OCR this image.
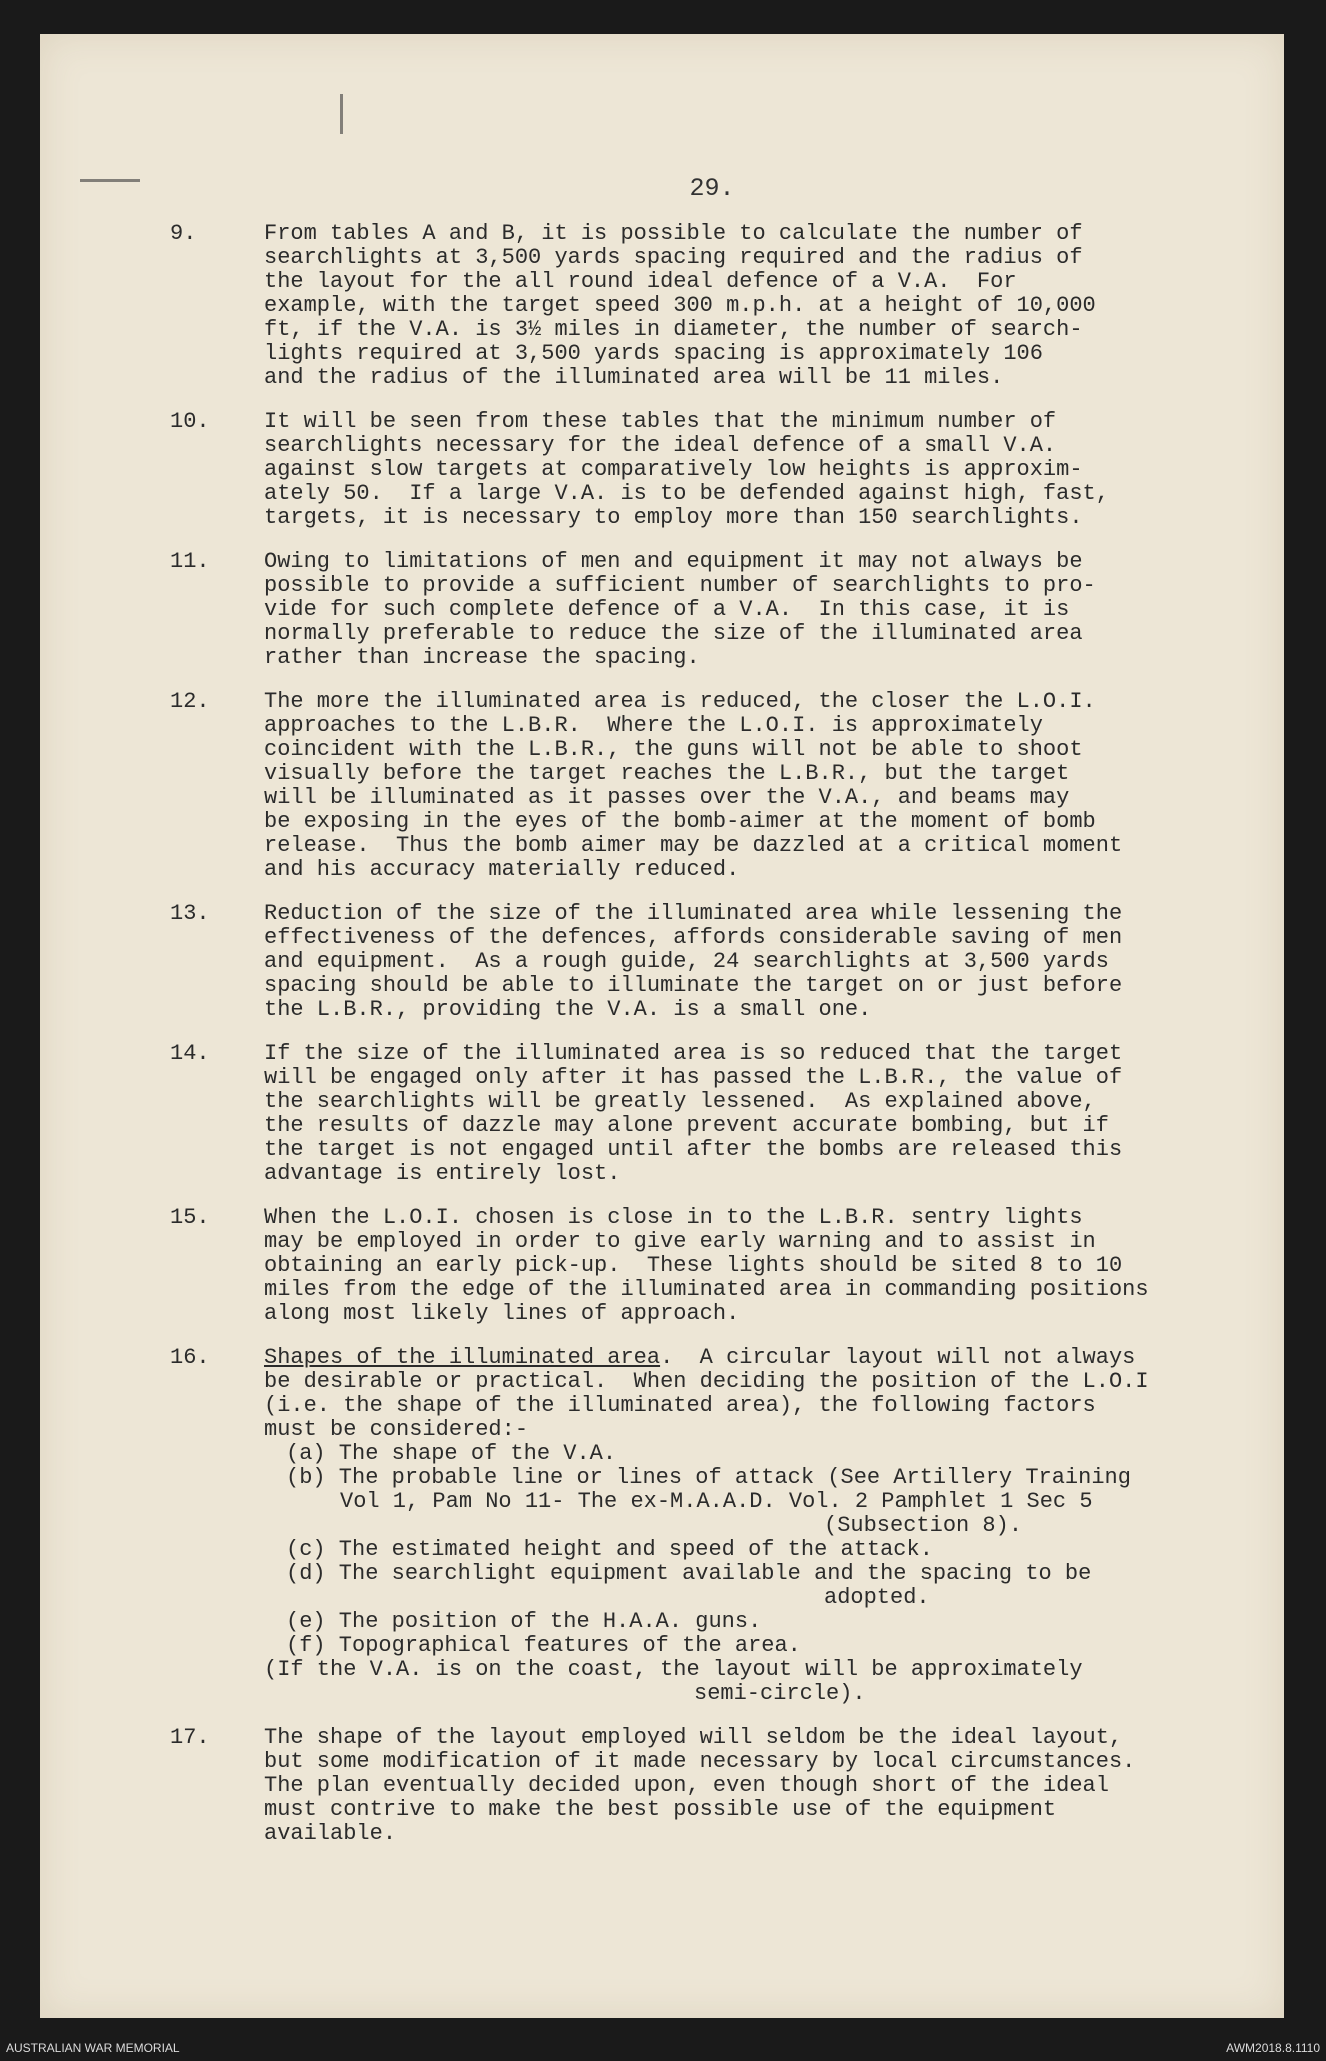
29.
9.	From tables A and B, it is possible to calculate the number of
searchlights at 3,500 yards spacing required and the radius of
the layout for the all round ideal defence of a V.A.  For
example, with the target speed 300 m.p.h. at a height of 10,000
ft, if the V.A. is 3½ miles in diameter, the number of search-
lights required at 3,500 yards spacing is approximately 106
and the radius of the illuminated area will be 11 miles.
10.	It will be seen from these tables that the minimum number of
searchlights necessary for the ideal defence of a small V.A.
against slow targets at comparatively low heights is approxim-
ately 50.  If a large V.A. is to be defended against high, fast,
targets, it is necessary to employ more than 150 searchlights.
11.	Owing to limitations of men and equipment it may not always be
possible to provide a sufficient number of searchlights to pro-
vide for such complete defence of a V.A.  In this case, it is
normally preferable to reduce the size of the illuminated area
rather than increase the spacing.
12.	The more the illuminated area is reduced, the closer the L.O.I.
approaches to the L.B.R.  Where the L.O.I. is approximately
coincident with the L.B.R., the guns will not be able to shoot
visually before the target reaches the L.B.R., but the target
will be illuminated as it passes over the V.A., and beams may
be exposing in the eyes of the bomb-aimer at the moment of bomb
release.  Thus the bomb aimer may be dazzled at a critical moment
and his accuracy materially reduced.
13.	Reduction of the size of the illuminated area while lessening the
effectiveness of the defences, affords considerable saving of men
and equipment.  As a rough guide, 24 searchlights at 3,500 yards
spacing should be able to illuminate the target on or just before
the L.B.R., providing the V.A. is a small one.
14.	If the size of the illuminated area is so reduced that the target
will be engaged only after it has passed the L.B.R., the value of
the searchlights will be greatly lessened.  As explained above,
the results of dazzle may alone prevent accurate bombing, but if
the target is not engaged until after the bombs are released this
advantage is entirely lost.
15.	When the L.O.I. chosen is close in to the L.B.R. sentry lights
may be employed in order to give early warning and to assist in
obtaining an early pick-up.  These lights should be sited 8 to 10
miles from the edge of the illuminated area in commanding positions
along most likely lines of approach.
16.	Shapes of the illuminated area.  A circular layout will not always
be desirable or practical.  When deciding the position of the L.O.I
(i.e. the shape of the illuminated area), the following factors
must be considered:-
(a) The shape of the V.A.
(b) The probable line or lines of attack (See Artillery Training
Vol 1, Pam No 11- The ex-M.A.A.D. Vol. 2 Pamphlet 1 Sec 5
(Subsection 8).
(c) The estimated height and speed of the attack.
(d) The searchlight equipment available and the spacing to be
adopted.
(e) The position of the H.A.A. guns.
(f) Topographical features of the area.
(If the V.A. is on the coast, the layout will be approximately
semi-circle).
17.	The shape of the layout employed will seldom be the ideal layout,
but some modification of it made necessary by local circumstances.
The plan eventually decided upon, even though short of the ideal
must contrive to make the best possible use of the equipment
available.
AUSTRALIAN WAR MEMORIAL	AWM2018.8.1110
